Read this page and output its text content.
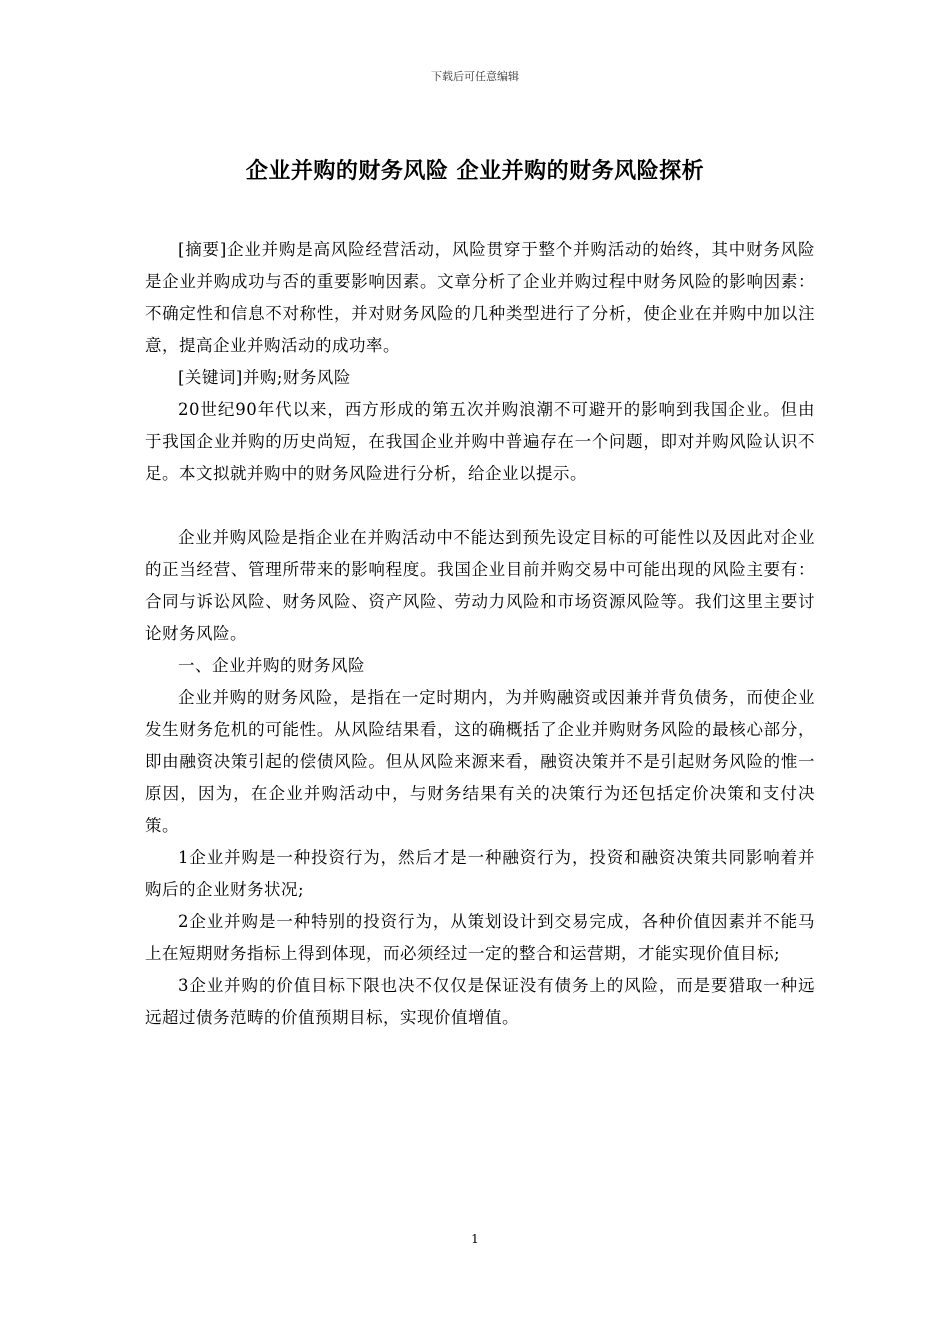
下载后可任意编辑
企业并购的财务风险 企业并购的财务风险探析

[摘要]企业并购是高风险经营活动，风险贯穿于整个并购活动的始终，其中财务风险是企业并购成功与否的重要影响因素。文章分析了企业并购过程中财务风险的影响因素：不确定性和信息不对称性，并对财务风险的几种类型进行了分析，使企业在并购中加以注意，提高企业并购活动的成功率。

[关键词]并购;财务风险

20世纪90年代以来，西方形成的第五次并购浪潮不可避开的影响到我国企业。但由于我国企业并购的历史尚短，在我国企业并购中普遍存在一个问题，即对并购风险认识不足。本文拟就并购中的财务风险进行分析，给企业以提示。

企业并购风险是指企业在并购活动中不能达到预先设定目标的可能性以及因此对企业的正当经营、管理所带来的影响程度。我国企业目前并购交易中可能出现的风险主要有：合同与诉讼风险、财务风险、资产风险、劳动力风险和市场资源风险等。我们这里主要讨论财务风险。

一、企业并购的财务风险

企业并购的财务风险，是指在一定时期内，为并购融资或因兼并背负债务，而使企业发生财务危机的可能性。从风险结果看，这的确概括了企业并购财务风险的最核心部分，即由融资决策引起的偿债风险。但从风险来源来看，融资决策并不是引起财务风险的惟一原因，因为，在企业并购活动中，与财务结果有关的决策行为还包括定价决策和支付决策。

1企业并购是一种投资行为，然后才是一种融资行为，投资和融资决策共同影响着并购后的企业财务状况;

2企业并购是一种特别的投资行为，从策划设计到交易完成，各种价值因素并不能马上在短期财务指标上得到体现，而必须经过一定的整合和运营期，才能实现价值目标;

3企业并购的价值目标下限也决不仅仅是保证没有债务上的风险，而是要猎取一种远远超过债务范畴的价值预期目标，实现价值增值。

1
